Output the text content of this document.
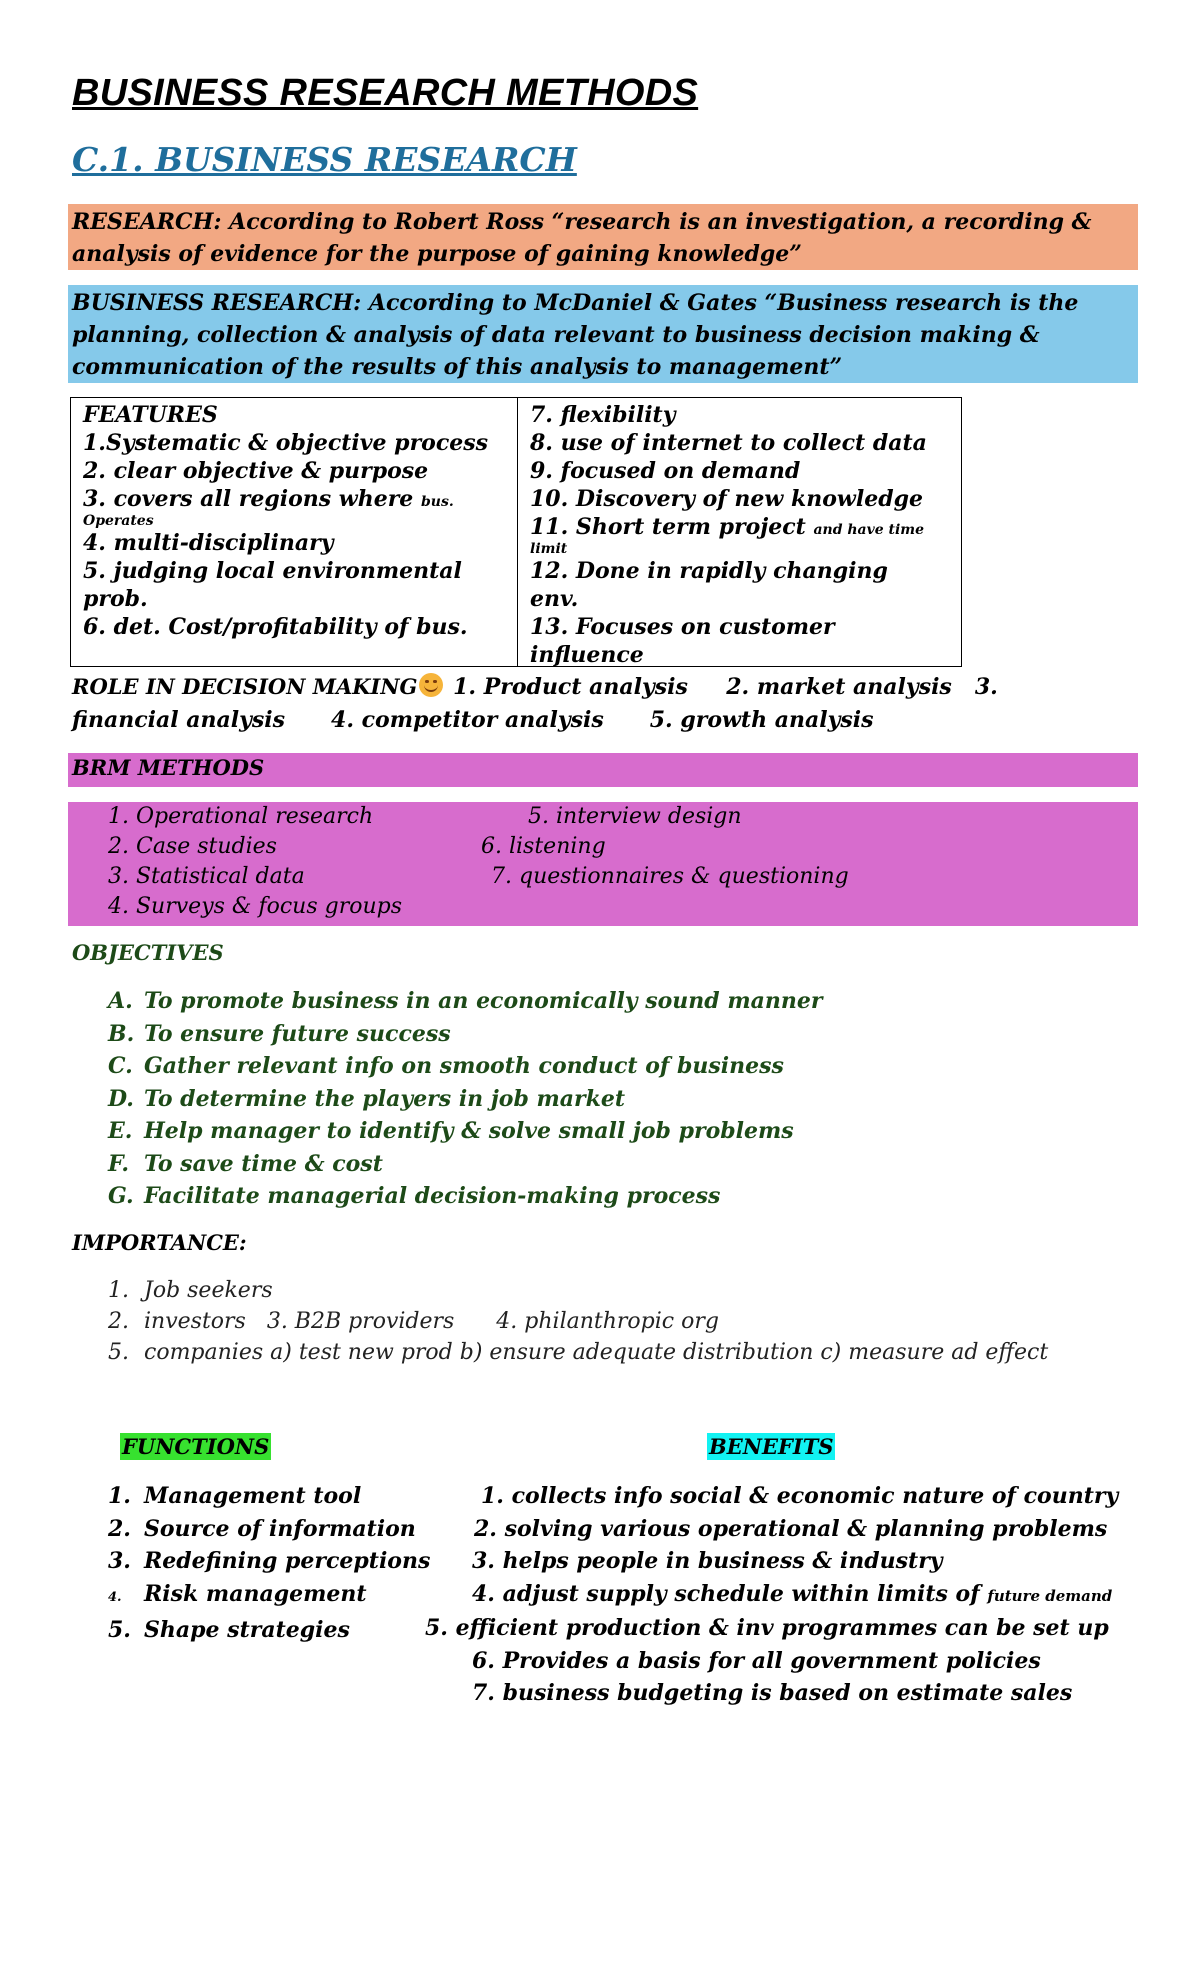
BUSINESS RESEARCH METHODS
C.1. BUSINESS RESEARCH
RESEARCH: According to Robert Ross “research is an investigation, a recording &
analysis of evidence for the purpose of gaining knowledge”
BUSINESS RESEARCH: According to McDaniel & Gates “Business research is the
planning, collection & analysis of data relevant to business decision making &
communication of the results of this analysis to management”
FEATURES
1.Systematic & objective process
2. clear objective & purpose
3. covers all regions where bus.
Operates
4. multi-disciplinary
5. judging local environmental
prob.
6. det. Cost/profitability of bus.
7. flexibility
8. use of internet to collect data
9. focused on demand
10. Discovery of new knowledge
11. Short term project and have time
limit
12. Done in rapidly changing
env.
13. Focuses on customer
influence
ROLE IN DECISION MAKING 1. Product analysis 2. market analysis 3.
financial analysis 4. competitor analysis 5. growth analysis
BRM METHODS
1. Operational research
2. Case studies
3. Statistical data
4. Surveys & focus groups
5. interview design
6. listening
7. questionnaires & questioning
OBJECTIVES
A. To promote business in an economically sound manner
B. To ensure future success
C. Gather relevant info on smooth conduct of business
D. To determine the players in job market
E. Help manager to identify & solve small job problems
F. To save time & cost
G. Facilitate managerial decision-making process
IMPORTANCE:
1. Job seekers
2. investors   3. B2B providers      4. philanthropic org
5. companies a) test new prod b) ensure adequate distribution c) measure ad effect
FUNCTIONS	BENEFITS
1. Management tool
2. Source of information
3. Redefining perceptions
4. Risk management
5. Shape strategies
1. collects info social & economic nature of country
2. solving various operational & planning problems
3. helps people in business & industry
4. adjust supply schedule within limits of future demand
5. efficient production & inv programmes can be set up
6. Provides a basis for all government policies
7. business budgeting is based on estimate sales
